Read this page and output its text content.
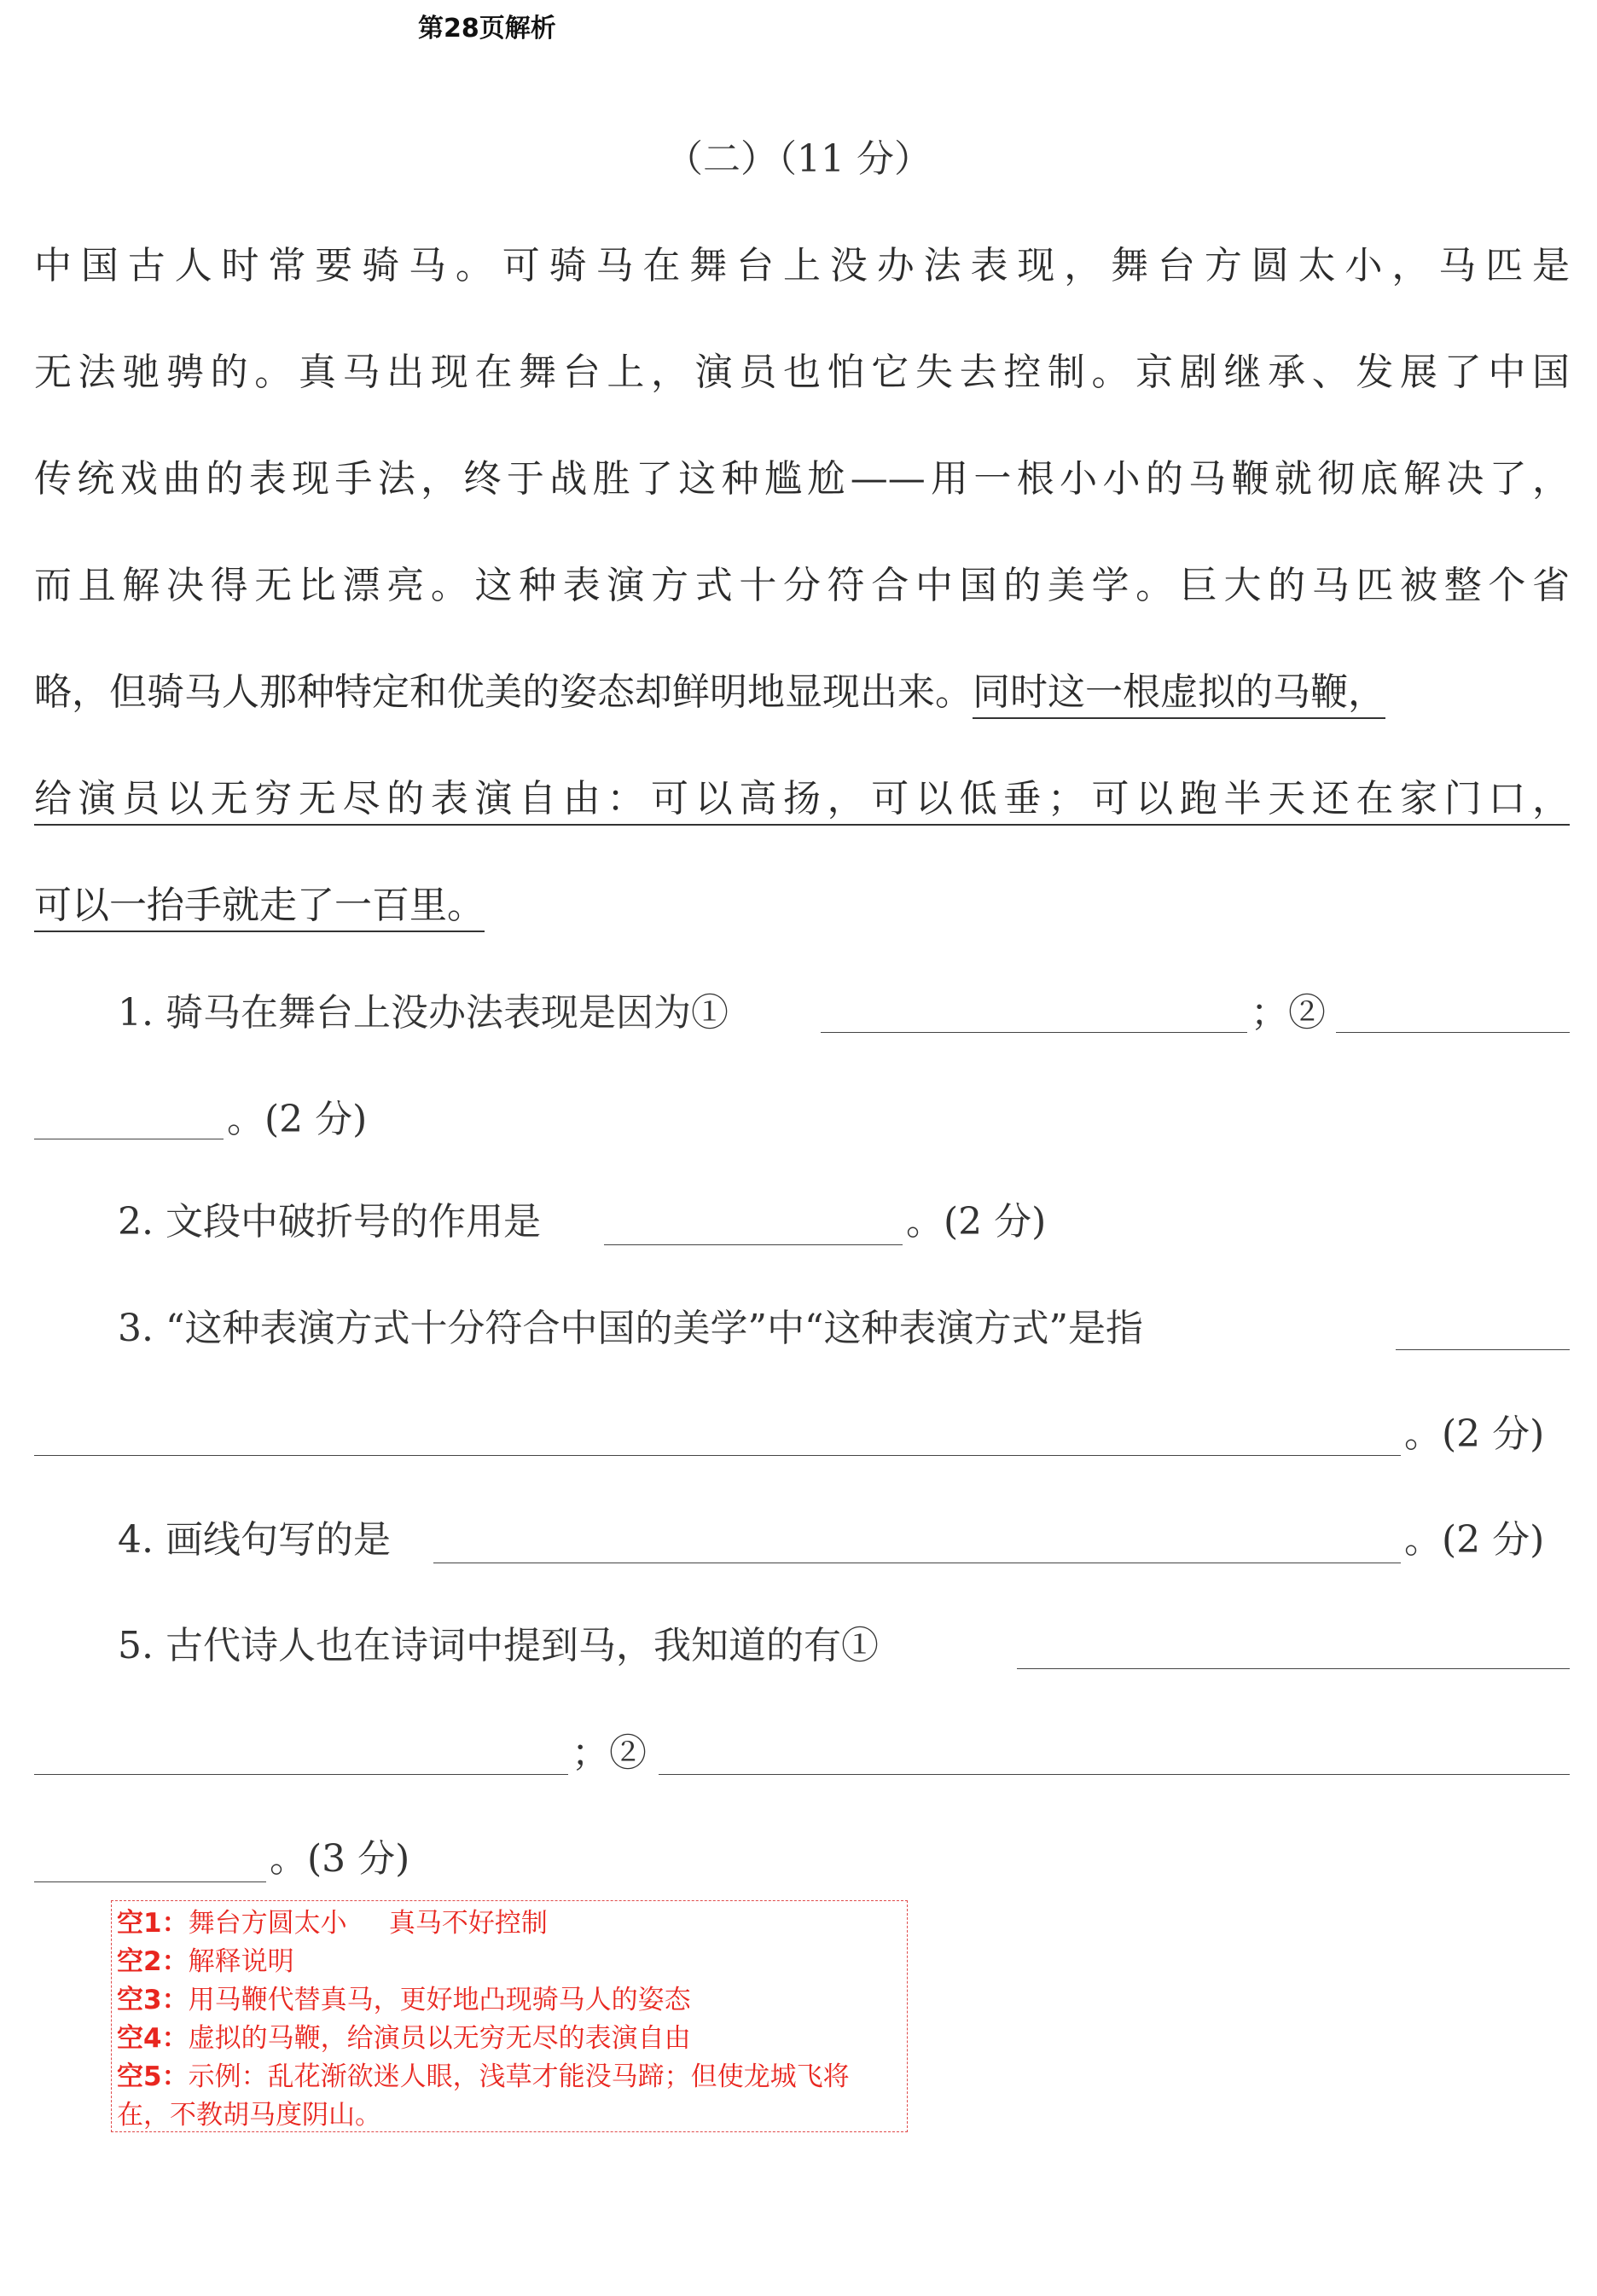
第28页解析
（二）（11 分）
中国古人时常要骑马。可骑马在舞台上没办法表现，舞台方圆太小，马匹是
无法驰骋的。真马出现在舞台上，演员也怕它失去控制。京剧继承、发展了中国
传统戏曲的表现手法，终于战胜了这种尴尬——用一根小小的马鞭就彻底解决了，
而且解决得无比漂亮。这种表演方式十分符合中国的美学。巨大的马匹被整个省
略，但骑马人那种特定和优美的姿态却鲜明地显现出来。同时这一根虚拟的马鞭，
给演员以无穷无尽的表演自由：可以高扬，可以低垂；可以跑半天还在家门口，
可以一抬手就走了一百里。
1. 骑马在舞台上没办法表现是因为①	；②
。(2 分)
2. 文段中破折号的作用是	。(2 分)
3. “这种表演方式十分符合中国的美学”中“这种表演方式”是指
。(2 分)
4. 画线句写的是	。(2 分)
5. 古代诗人也在诗词中提到马，我知道的有①
；②
。(3 分)
空1：舞台方圆太小     真马不好控制
空2：解释说明
空3：用马鞭代替真马，更好地凸现骑马人的姿态
空4：虚拟的马鞭，给演员以无穷无尽的表演自由
空5：示例：乱花渐欲迷人眼，浅草才能没马蹄；但使龙城飞将在，不教胡马度阴山。
